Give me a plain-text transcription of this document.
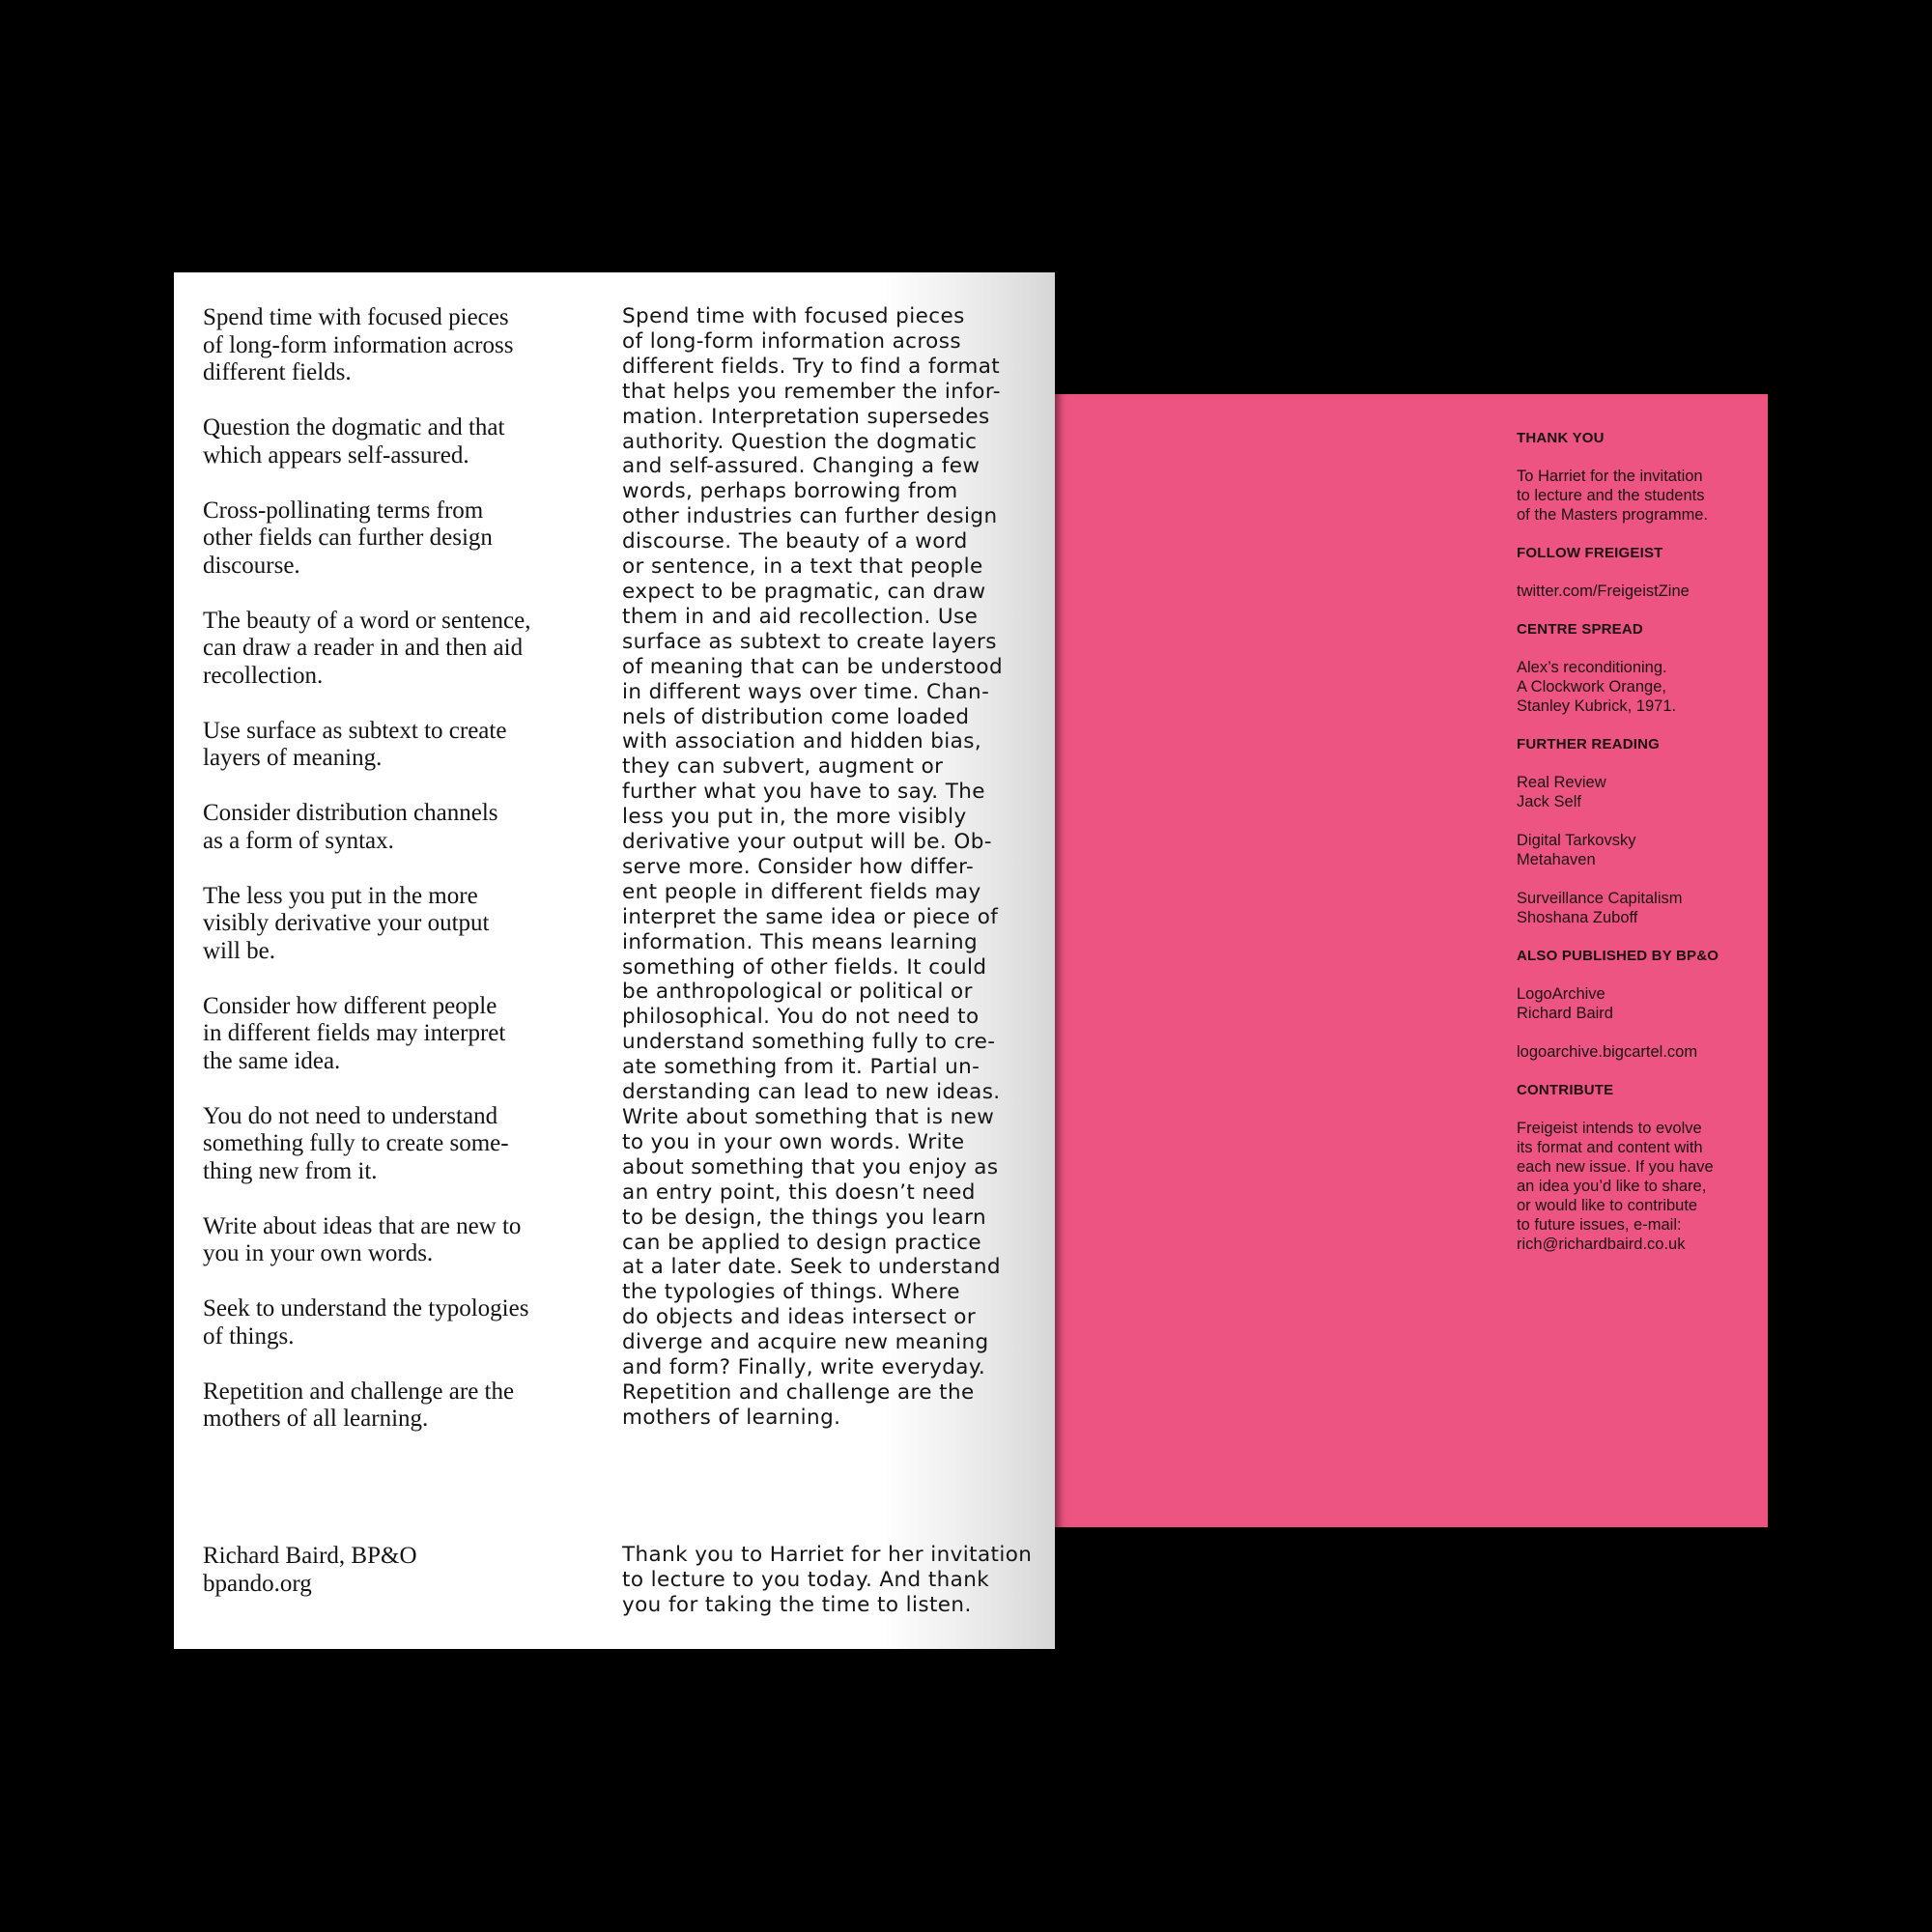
THANK YOU
To Harriet for the invitation
to lecture and the students
of the Masters programme.
FOLLOW FREIGEIST
twitter.com/FreigeistZine
CENTRE SPREAD
Alex’s reconditioning.
A Clockwork Orange,
Stanley Kubrick, 1971.
FURTHER READING
Real Review
Jack Self
Digital Tarkovsky
Metahaven
Surveillance Capitalism
Shoshana Zuboff
ALSO PUBLISHED BY BP&O
LogoArchive
Richard Baird
logoarchive.bigcartel.com
CONTRIBUTE
Freigeist intends to evolve
its format and content with
each new issue. If you have
an idea you’d like to share,
or would like to contribute
to future issues, e-mail:
rich@richardbaird.co.uk
Spend time with focused pieces
of long-form information across
different fields.
Question the dogmatic and that
which appears self-assured.
Cross-pollinating terms from
other fields can further design
discourse.
The beauty of a word or sentence,
can draw a reader in and then aid
recollection.
Use surface as subtext to create
layers of meaning.
Consider distribution channels
as a form of syntax.
The less you put in the more
visibly derivative your output
will be.
Consider how different people
in different fields may interpret
the same idea.
You do not need to understand
something fully to create some-
thing new from it.
Write about ideas that are new to
you in your own words.
Seek to understand the typologies
of things.
Repetition and challenge are the
mothers of all learning.
Spend time with focused pieces
of long-form information across
different fields. Try to find a format
that helps you remember the infor-
mation. Interpretation supersedes
authority. Question the dogmatic
and self-assured. Changing a few
words, perhaps borrowing from
other industries can further design
discourse. The beauty of a word
or sentence, in a text that people
expect to be pragmatic, can draw
them in and aid recollection. Use
surface as subtext to create layers
of meaning that can be understood
in different ways over time. Chan-
nels of distribution come loaded
with association and hidden bias,
they can subvert, augment or
further what you have to say. The
less you put in, the more visibly
derivative your output will be. Ob-
serve more. Consider how differ-
ent people in different fields may
interpret the same idea or piece of
information. This means learning
something of other fields. It could
be anthropological or political or
philosophical. You do not need to
understand something fully to cre-
ate something from it. Partial un-
derstanding can lead to new ideas.
Write about something that is new
to you in your own words. Write
about something that you enjoy as
an entry point, this doesn’t need
to be design, the things you learn
can be applied to design practice
at a later date. Seek to understand
the typologies of things. Where
do objects and ideas intersect or
diverge and acquire new meaning
and form? Finally, write everyday.
Repetition and challenge are the
mothers of learning.
Richard Baird, BP&O
bpando.org
Thank you to Harriet for her invitation
to lecture to you today. And thank
you for taking the time to listen.
